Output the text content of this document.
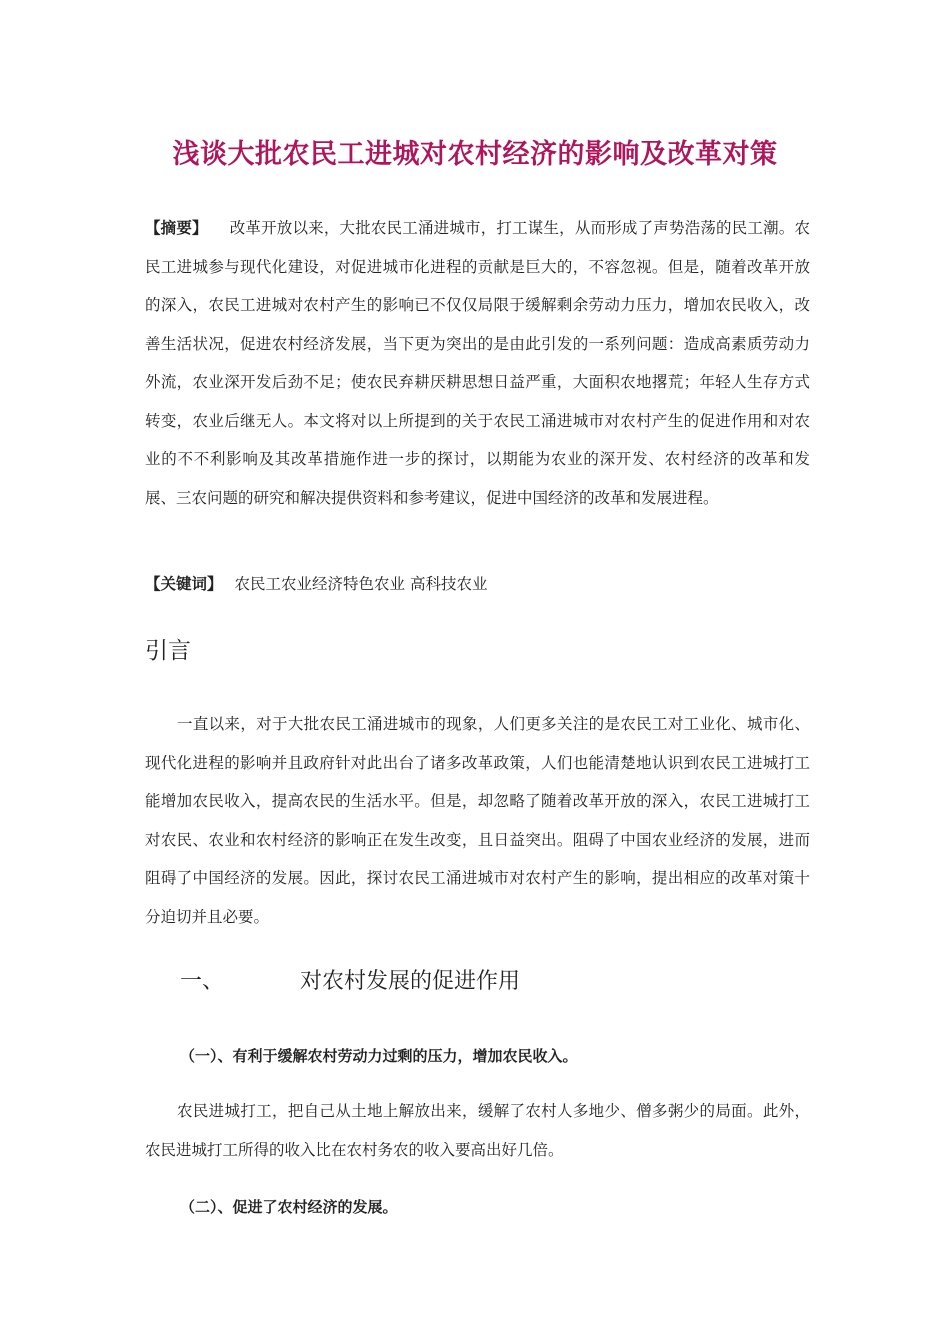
浅谈大批农民工进城对农村经济的影响及改革对策

【摘要】 改革开放以来，大批农民工涌进城市，打工谋生，从而形成了声势浩荡的民工潮。农民工进城参与现代化建设，对促进城市化进程的贡献是巨大的，不容忽视。但是，随着改革开放的深入，农民工进城对农村产生的影响已不仅仅局限于缓解剩余劳动力压力，增加农民收入，改善生活状况，促进农村经济发展，当下更为突出的是由此引发的一系列问题：造成高素质劳动力外流，农业深开发后劲不足；使农民弃耕厌耕思想日益严重，大面积农地撂荒；年轻人生存方式转变，农业后继无人。本文将对以上所提到的关于农民工涌进城市对农村产生的促进作用和对农业的不不利影响及其改革措施作进一步的探讨，以期能为农业的深开发、农村经济的改革和发展、三农问题的研究和解决提供资料和参考建议，促进中国经济的改革和发展进程。

【关键词】 农民工农业经济特色农业 高科技农业

引言

一直以来，对于大批农民工涌进城市的现象，人们更多关注的是农民工对工业化、城市化、现代化进程的影响并且政府针对此出台了诸多改革政策，人们也能清楚地认识到农民工进城打工能增加农民收入，提高农民的生活水平。但是，却忽略了随着改革开放的深入，农民工进城打工对农民、农业和农村经济的影响正在发生改变，且日益突出。阻碍了中国农业经济的发展，进而阻碍了中国经济的发展。因此，探讨农民工涌进城市对农村产生的影响，提出相应的改革对策十分迫切并且必要。

一、	对农村发展的促进作用
（一）、有利于缓解农村劳动力过剩的压力，增加农民收入。

农民进城打工，把自己从土地上解放出来，缓解了农村人多地少、僧多粥少的局面。此外，农民进城打工所得的收入比在农村务农的收入要高出好几倍。

（二）、促进了农村经济的发展。
